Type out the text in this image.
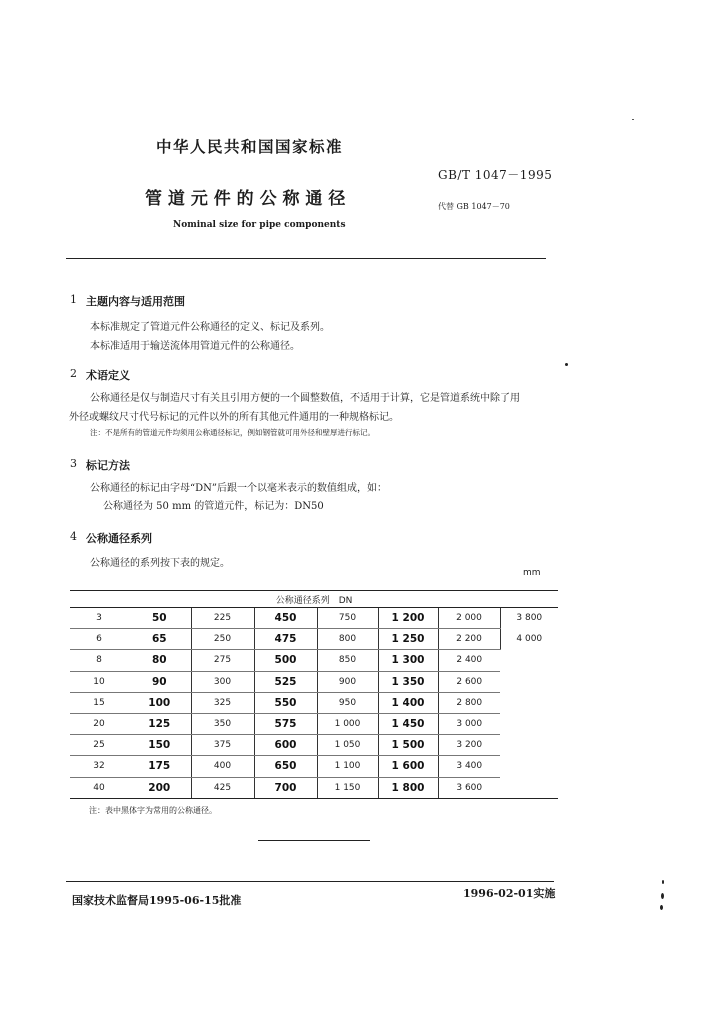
中华人民共和国国家标准
GB/T 1047－1995
管 道 元 件 的 公 称 通 径	代替 GB 1047－70
Nominal size for pipe components
1 主题内容与适用范围
本标准规定了管道元件公称通径的定义、标记及系列。
本标准适用于输送流体用管道元件的公称通径。
2 术语定义
公称通径是仅与制造尺寸有关且引用方便的一个圆整数值，不适用于计算，它是管道系统中除了用
外径或螺纹尺寸代号标记的元件以外的所有其他元件通用的一种规格标记。
注：不是所有的管道元件均须用公称通径标记，例如钢管就可用外径和壁厚进行标记。
3 标记方法
公称通径的标记由字母“DN”后跟一个以毫米表示的数值组成，如：
公称通径为 50 mm 的管道元件，标记为：DN50
4 公称通径系列
公称通径的系列按下表的规定。
mm
公称通径系列　DN							
3	50	225	450	750	1 200	2 000	3 800
6	65	250	475	800	1 250	2 200	4 000
8	80	275	500	850	1 300	2 400	
10	90	300	525	900	1 350	2 600	
15	100	325	550	950	1 400	2 800	
20	125	350	575	1 000	1 450	3 000	
25	150	375	600	1 050	1 500	3 200	
32	175	400	650	1 100	1 600	3 400	
40	200	425	700	1 150	1 800	3 600	
注：表中黑体字为常用的公称通径。
国家技术监督局1995-06-15批准
1996-02-01实施
